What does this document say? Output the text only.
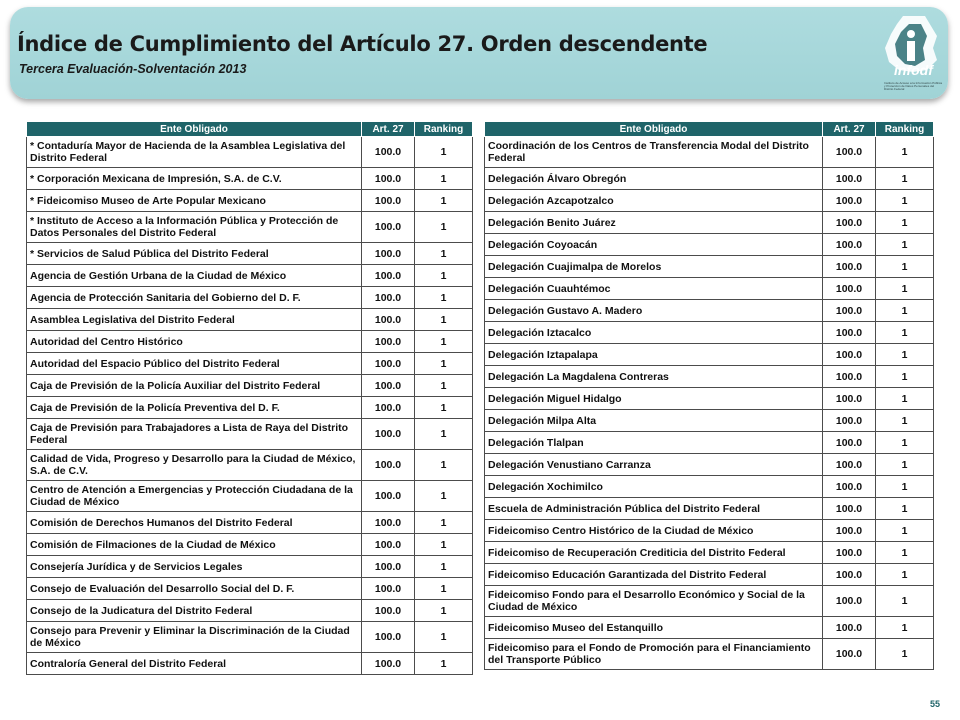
Índice de Cumplimiento del Artículo 27. Orden descendente
Tercera Evaluación-Solventación 2013	infodf
Instituto de Acceso a la Información Pública y Protección de Datos Personales del Distrito Federal
Ente Obligado	Art. 27	Ranking
* Contaduría Mayor de Hacienda de la Asamblea Legislativa del Distrito Federal	100.0	1
* Corporación Mexicana de Impresión, S.A. de C.V.	100.0	1
* Fideicomiso Museo de Arte Popular Mexicano	100.0	1
* Instituto de Acceso a la Información Pública y Protección de Datos Personales del Distrito Federal	100.0	1
* Servicios de Salud Pública del Distrito Federal	100.0	1
Agencia de Gestión Urbana de la Ciudad de México	100.0	1
Agencia de Protección Sanitaria del Gobierno del D. F.	100.0	1
Asamblea Legislativa del Distrito Federal	100.0	1
Autoridad del Centro Histórico	100.0	1
Autoridad del Espacio Público del Distrito Federal	100.0	1
Caja de Previsión de la Policía Auxiliar del Distrito Federal	100.0	1
Caja de Previsión de la Policía Preventiva del D. F.	100.0	1
Caja de Previsión para Trabajadores a Lista de Raya del Distrito Federal	100.0	1
Calidad de Vida, Progreso y Desarrollo para la Ciudad de México, S.A. de C.V.	100.0	1
Centro de Atención a Emergencias y Protección Ciudadana de la Ciudad de México	100.0	1
Comisión de Derechos Humanos del Distrito Federal	100.0	1
Comisión de Filmaciones de la Ciudad de México	100.0	1
Consejería Jurídica y de Servicios Legales	100.0	1
Consejo de Evaluación del Desarrollo Social del D. F.	100.0	1
Consejo de la Judicatura del Distrito Federal	100.0	1
Consejo para Prevenir y Eliminar la Discriminación de la Ciudad de México	100.0	1
Contraloría General del Distrito Federal	100.0	1
Ente Obligado	Art. 27	Ranking
Coordinación de los Centros de Transferencia Modal del Distrito Federal	100.0	1
Delegación Álvaro Obregón	100.0	1
Delegación Azcapotzalco	100.0	1
Delegación Benito Juárez	100.0	1
Delegación Coyoacán	100.0	1
Delegación Cuajimalpa de Morelos	100.0	1
Delegación Cuauhtémoc	100.0	1
Delegación Gustavo A. Madero	100.0	1
Delegación Iztacalco	100.0	1
Delegación Iztapalapa	100.0	1
Delegación La Magdalena Contreras	100.0	1
Delegación Miguel Hidalgo	100.0	1
Delegación Milpa Alta	100.0	1
Delegación Tlalpan	100.0	1
Delegación Venustiano Carranza	100.0	1
Delegación Xochimilco	100.0	1
Escuela de Administración Pública del Distrito Federal	100.0	1
Fideicomiso Centro Histórico de la Ciudad de México	100.0	1
Fideicomiso de Recuperación Crediticia del Distrito Federal	100.0	1
Fideicomiso Educación Garantizada del Distrito Federal	100.0	1
Fideicomiso Fondo para el Desarrollo Económico y Social de la Ciudad de México	100.0	1
Fideicomiso Museo del Estanquillo	100.0	1
Fideicomiso para el Fondo de Promoción para el Financiamiento del Transporte Público	100.0	1
55
